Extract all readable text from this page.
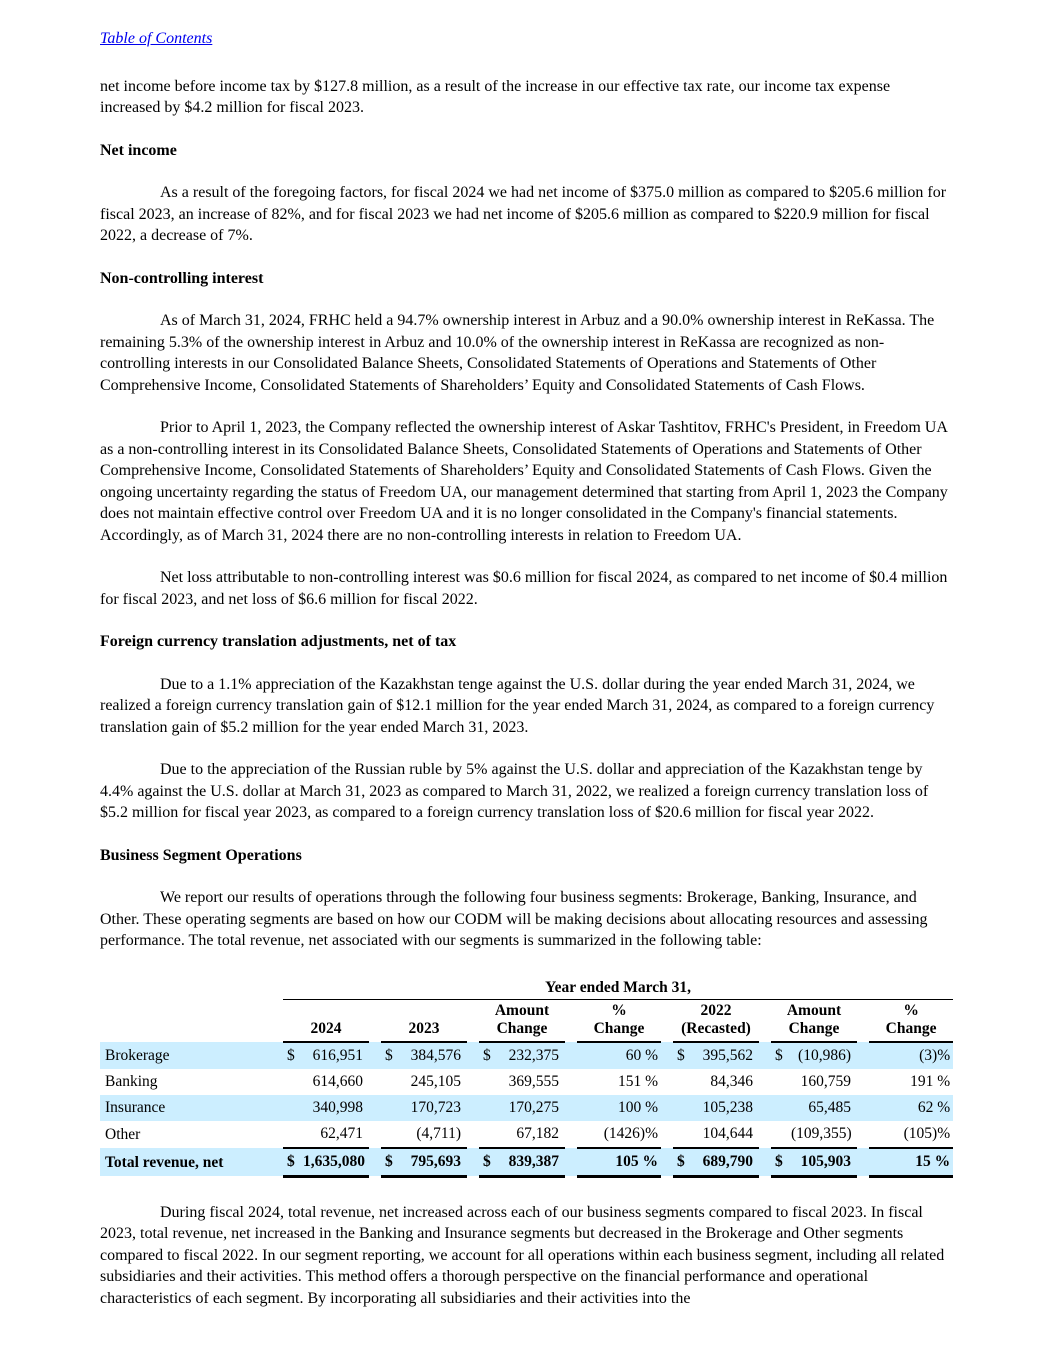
Table of Contents

net income before income tax by $127.8 million, as a result of the increase in our effective tax rate, our income tax expense increased by $4.2 million for fiscal 2023.

Net income

As a result of the foregoing factors, for fiscal 2024 we had net income of $375.0 million as compared to $205.6 million for fiscal 2023, an increase of 82%, and for fiscal 2023 we had net income of $205.6 million as compared to $220.9 million for fiscal 2022, a decrease of 7%.

Non-controlling interest

As of March 31, 2024, FRHC held a 94.7% ownership interest in Arbuz and a 90.0% ownership interest in ReKassa. The remaining 5.3% of the ownership interest in Arbuz and 10.0% of the ownership interest in ReKassa are recognized as non-controlling interests in our Consolidated Balance Sheets, Consolidated Statements of Operations and Statements of Other Comprehensive Income, Consolidated Statements of Shareholders’ Equity and Consolidated Statements of Cash Flows.

Prior to April 1, 2023, the Company reflected the ownership interest of Askar Tashtitov, FRHC's President, in Freedom UA as a non-controlling interest in its Consolidated Balance Sheets, Consolidated Statements of Operations and Statements of Other Comprehensive Income, Consolidated Statements of Shareholders’ Equity and Consolidated Statements of Cash Flows. Given the ongoing uncertainty regarding the status of Freedom UA, our management determined that starting from April 1, 2023 the Company does not maintain effective control over Freedom UA and it is no longer consolidated in the Company's financial statements. Accordingly, as of March 31, 2024 there are no non-controlling interests in relation to Freedom UA.

Net loss attributable to non-controlling interest was $0.6 million for fiscal 2024, as compared to net income of $0.4 million for fiscal 2023, and net loss of $6.6 million for fiscal 2022.

Foreign currency translation adjustments, net of tax

Due to a 1.1% appreciation of the Kazakhstan tenge against the U.S. dollar during the year ended March 31, 2024, we realized a foreign currency translation gain of $12.1 million for the year ended March 31, 2024, as compared to a foreign currency translation gain of $5.2 million for the year ended March 31, 2023.

Due to the appreciation of the Russian ruble by 5% against the U.S. dollar and appreciation of the Kazakhstan tenge by 4.4% against the U.S. dollar at March 31, 2023 as compared to March 31, 2022, we realized a foreign currency translation loss of $5.2 million for fiscal year 2023, as compared to a foreign currency translation loss of $20.6 million for fiscal year 2022.

Business Segment Operations

We report our results of operations through the following four business segments: Brokerage, Banking, Insurance, and Other. These operating segments are based on how our CODM will be making decisions about allocating resources and assessing performance. The total revenue, net associated with our segments is summarized in the following table:

	Year ended March 31,																	
	2024			2023			Amount Change			% Change		2022 (Recasted)			Amount Change			% Change

Brokerage	$	616,951		$	384,576		$	232,375		60 %		$	395,562		$	(10,986)		(3)%
Banking		614,660			245,105			369,555		151 %			84,346			160,759		191 %
Insurance		340,998			170,723			170,275		100 %			105,238			65,485		62 %
Other		62,471			(4,711)			67,182		(1426)%			104,644			(109,355)		(105)%
Total revenue, net	$	1,635,080		$	795,693		$	839,387		105 %		$	689,790		$	105,903		15 %

During fiscal 2024, total revenue, net increased across each of our business segments compared to fiscal 2023. In fiscal 2023, total revenue, net increased in the Banking and Insurance segments but decreased in the Brokerage and Other segments compared to fiscal 2022. In our segment reporting, we account for all operations within each business segment, including all related subsidiaries and their activities. This method offers a thorough perspective on the financial performance and operational characteristics of each segment. By incorporating all subsidiaries and their activities into the
